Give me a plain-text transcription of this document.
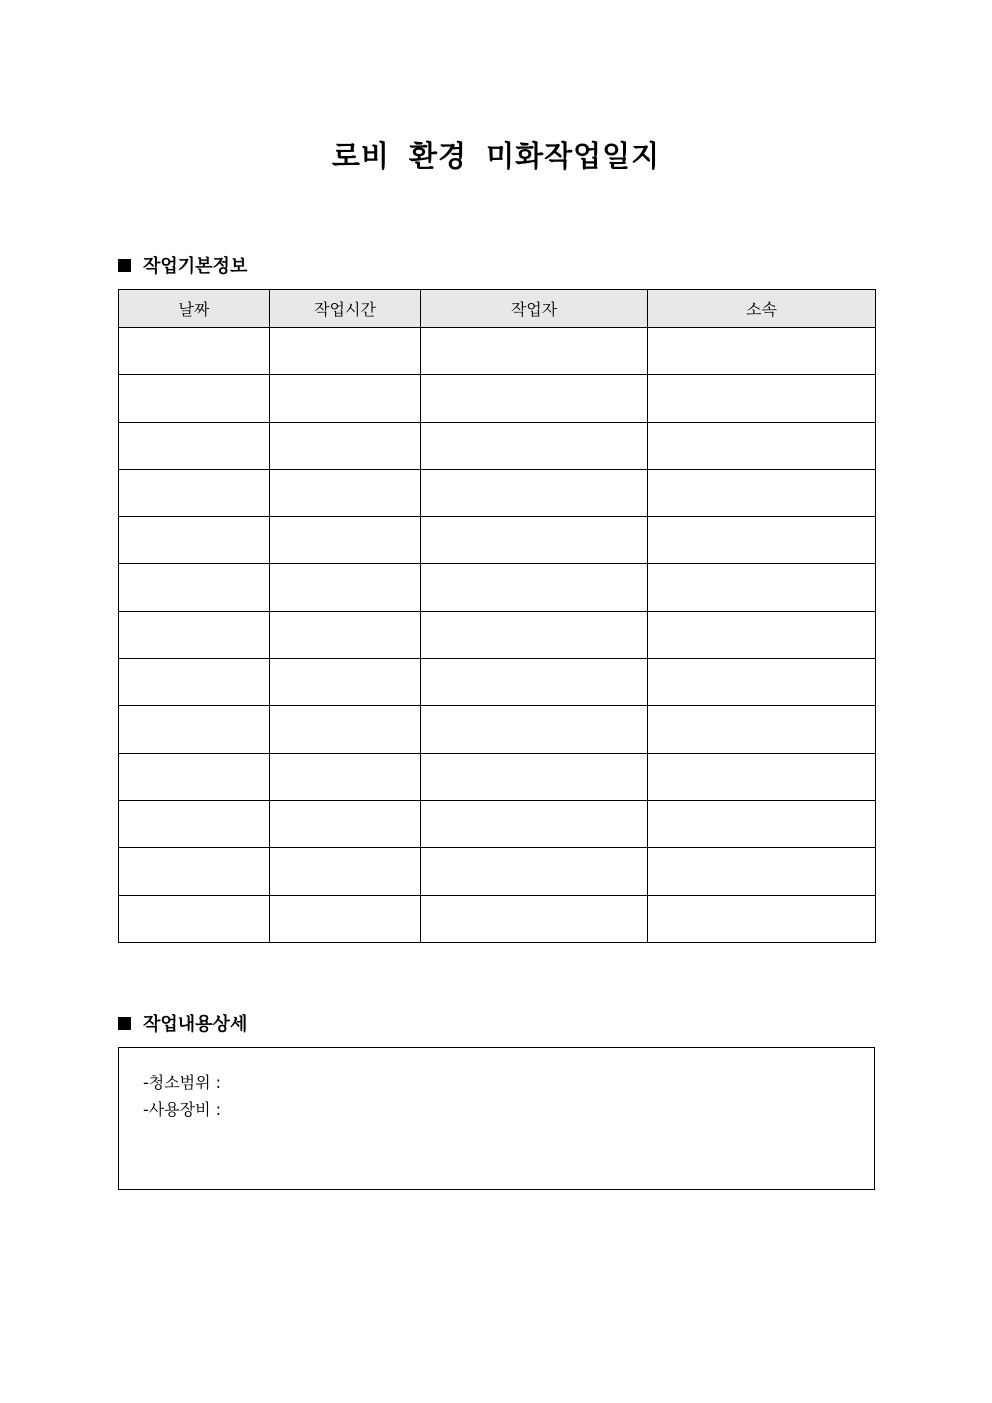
로비 환경 미화작업일지
작업기본정보
날짜	작업시간	작업자	소속

작업내용상세
-청소범위 :
-사용장비 :
